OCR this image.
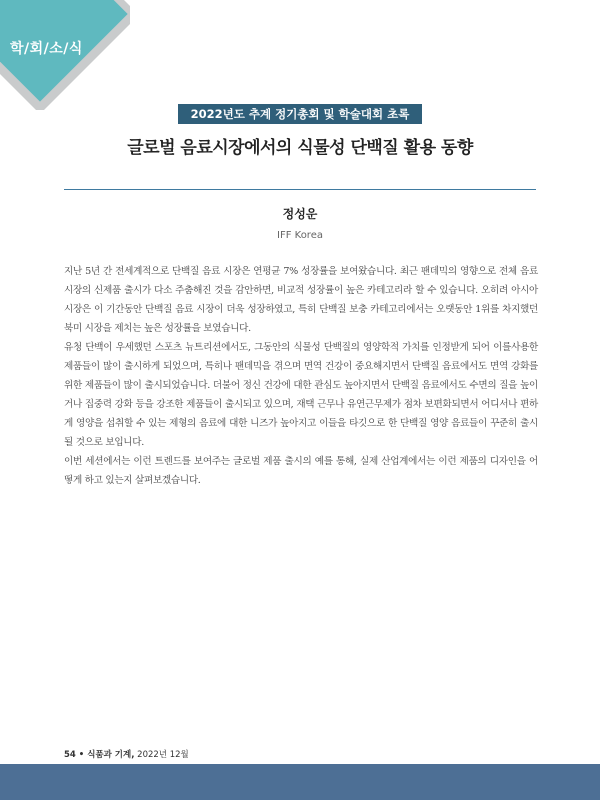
학/회/소/식
2022년도 추계 정기총회 및 학술대회 초록
글로벌 음료시장에서의 식물성 단백질 활용 동향
정성운
IFF Korea

지난 5년 간 전세계적으로 단백질 음료 시장은 연평균 7% 성장률을 보여왔습니다. 최근 팬데믹의 영향으로 전체 음료 시장의 신제품 출시가 다소 주춤해진 것을 감안하면, 비교적 성장률이 높은 카테고리라 할 수 있습니다. 오히려 아시아 시장은 이 기간동안 단백질 음료 시장이 더욱 성장하였고, 특히 단백질 보충 카테고리에서는 오랫동안 1위를 차지했던 북미 시장을 제치는 높은 성장률을 보였습니다.

유청 단백이 우세했던 스포츠 뉴트리션에서도, 그동안의 식물성 단백질의 영양학적 가치를 인정받게 되어 이를사용한 제품들이 많이 출시하게 되었으며, 특히나 팬데믹을 겪으며 면역 건강이 중요해지면서 단백질 음료에서도 면역 강화를 위한 제품들이 많이 출시되었습니다. 더불어 정신 건강에 대한 관심도 높아지면서 단백질 음료에서도 수면의 질을 높이거나 집중력 강화 등을 강조한 제품들이 출시되고 있으며, 재택 근무나 유연근무제가 점차 보편화되면서 어디서나 편하게 영양을 섭취할 수 있는 제형의 음료에 대한 니즈가 높아지고 이들을 타깃으로 한 단백질 영양 음료들이 꾸준히 출시 될 것으로 보입니다.

이번 세션에서는 이런 트렌드를 보여주는 글로벌 제품 출시의 예를 통해, 실제 산업계에서는 이런 제품의 디자인을 어떻게 하고 있는지 살펴보겠습니다.

54 • 식품과 기계, 2022년 12월
